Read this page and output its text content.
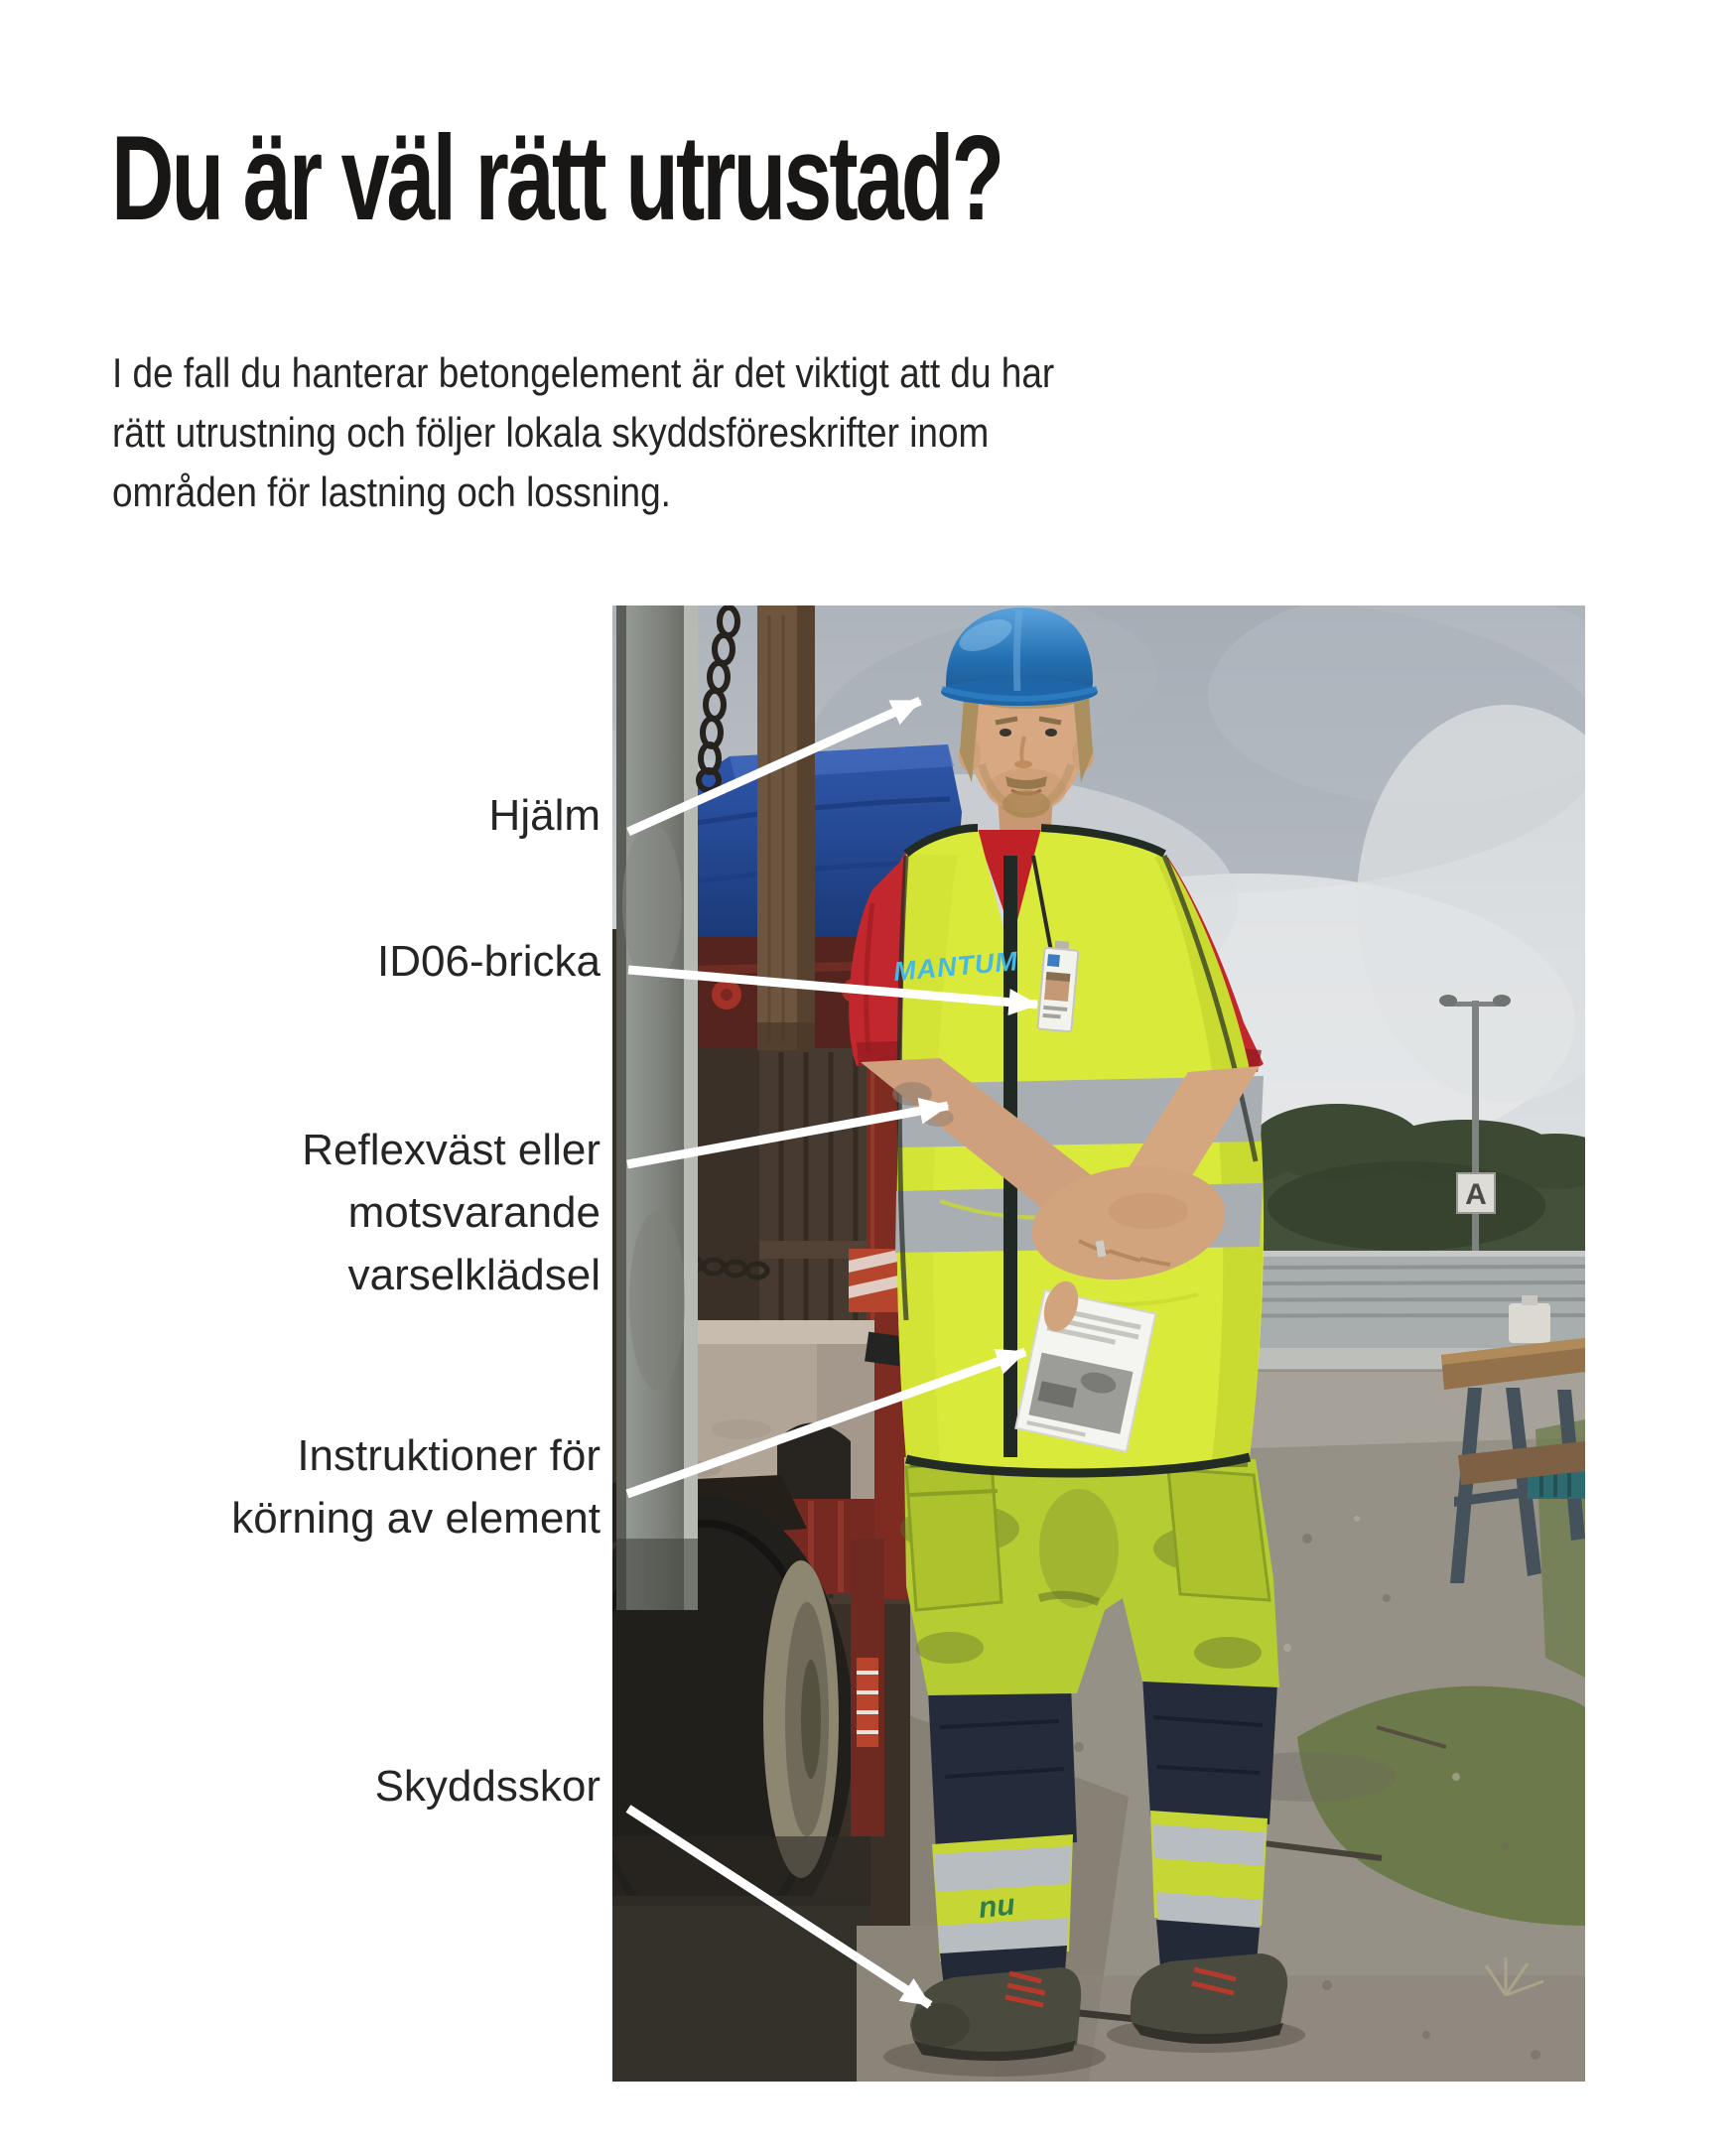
Du är väl rätt utrustad?
I de fall du hanterar betongelement är det viktigt att du har
rätt utrustning och följer lokala skyddsföreskrifter inom
områden för lastning och lossning.
Hjälm
ID06-bricka
Reflexväst eller
motsvarande
varselklädsel
Instruktioner för
körning av element
Skyddsskor
A
nu
MANTUM
